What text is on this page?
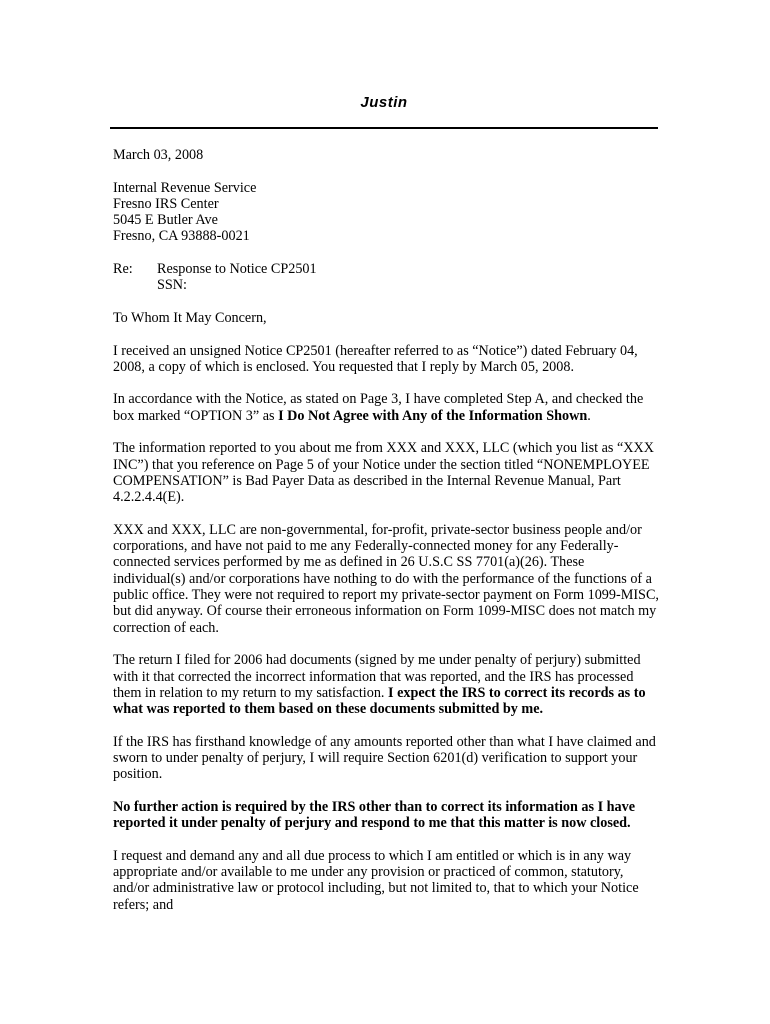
Justin

March 03, 2008

Internal Revenue Service
Fresno IRS Center
5045 E Butler Ave
Fresno, CA 93888-0021

Re:	Response to Notice CP2501
SSN:

To Whom It May Concern,

I received an unsigned Notice CP2501 (hereafter referred to as “Notice”) dated February 04, 2008, a copy of which is enclosed. You requested that I reply by March 05, 2008.

In accordance with the Notice, as stated on Page 3, I have completed Step A, and checked the box marked “OPTION 3” as I Do Not Agree with Any of the Information Shown.

The information reported to you about me from XXX and XXX, LLC (which you list as “XXX INC”) that you reference on Page 5 of your Notice under the section titled “NONEMPLOYEE COMPENSATION” is Bad Payer Data as described in the Internal Revenue Manual, Part 4.2.2.4.4(E).

XXX and XXX, LLC are non-governmental, for-profit, private-sector business people and/or corporations, and have not paid to me any Federally-connected money for any Federally-connected services performed by me as defined in 26 U.S.C SS 7701(a)(26). These individual(s) and/or corporations have nothing to do with the performance of the functions of a public office. They were not required to report my private-sector payment on Form 1099-MISC, but did anyway. Of course their erroneous information on Form 1099-MISC does not match my correction of each.

The return I filed for 2006 had documents (signed by me under penalty of perjury) submitted with it that corrected the incorrect information that was reported, and the IRS has processed them in relation to my return to my satisfaction. I expect the IRS to correct its records as to what was reported to them based on these documents submitted by me.

If the IRS has firsthand knowledge of any amounts reported other than what I have claimed and sworn to under penalty of perjury, I will require Section 6201(d) verification to support your position.

No further action is required by the IRS other than to correct its information as I have reported it under penalty of perjury and respond to me that this matter is now closed.

I request and demand any and all due process to which I am entitled or which is in any way appropriate and/or available to me under any provision or practiced of common, statutory, and/or administrative law or protocol including, but not limited to, that to which your Notice refers; and
